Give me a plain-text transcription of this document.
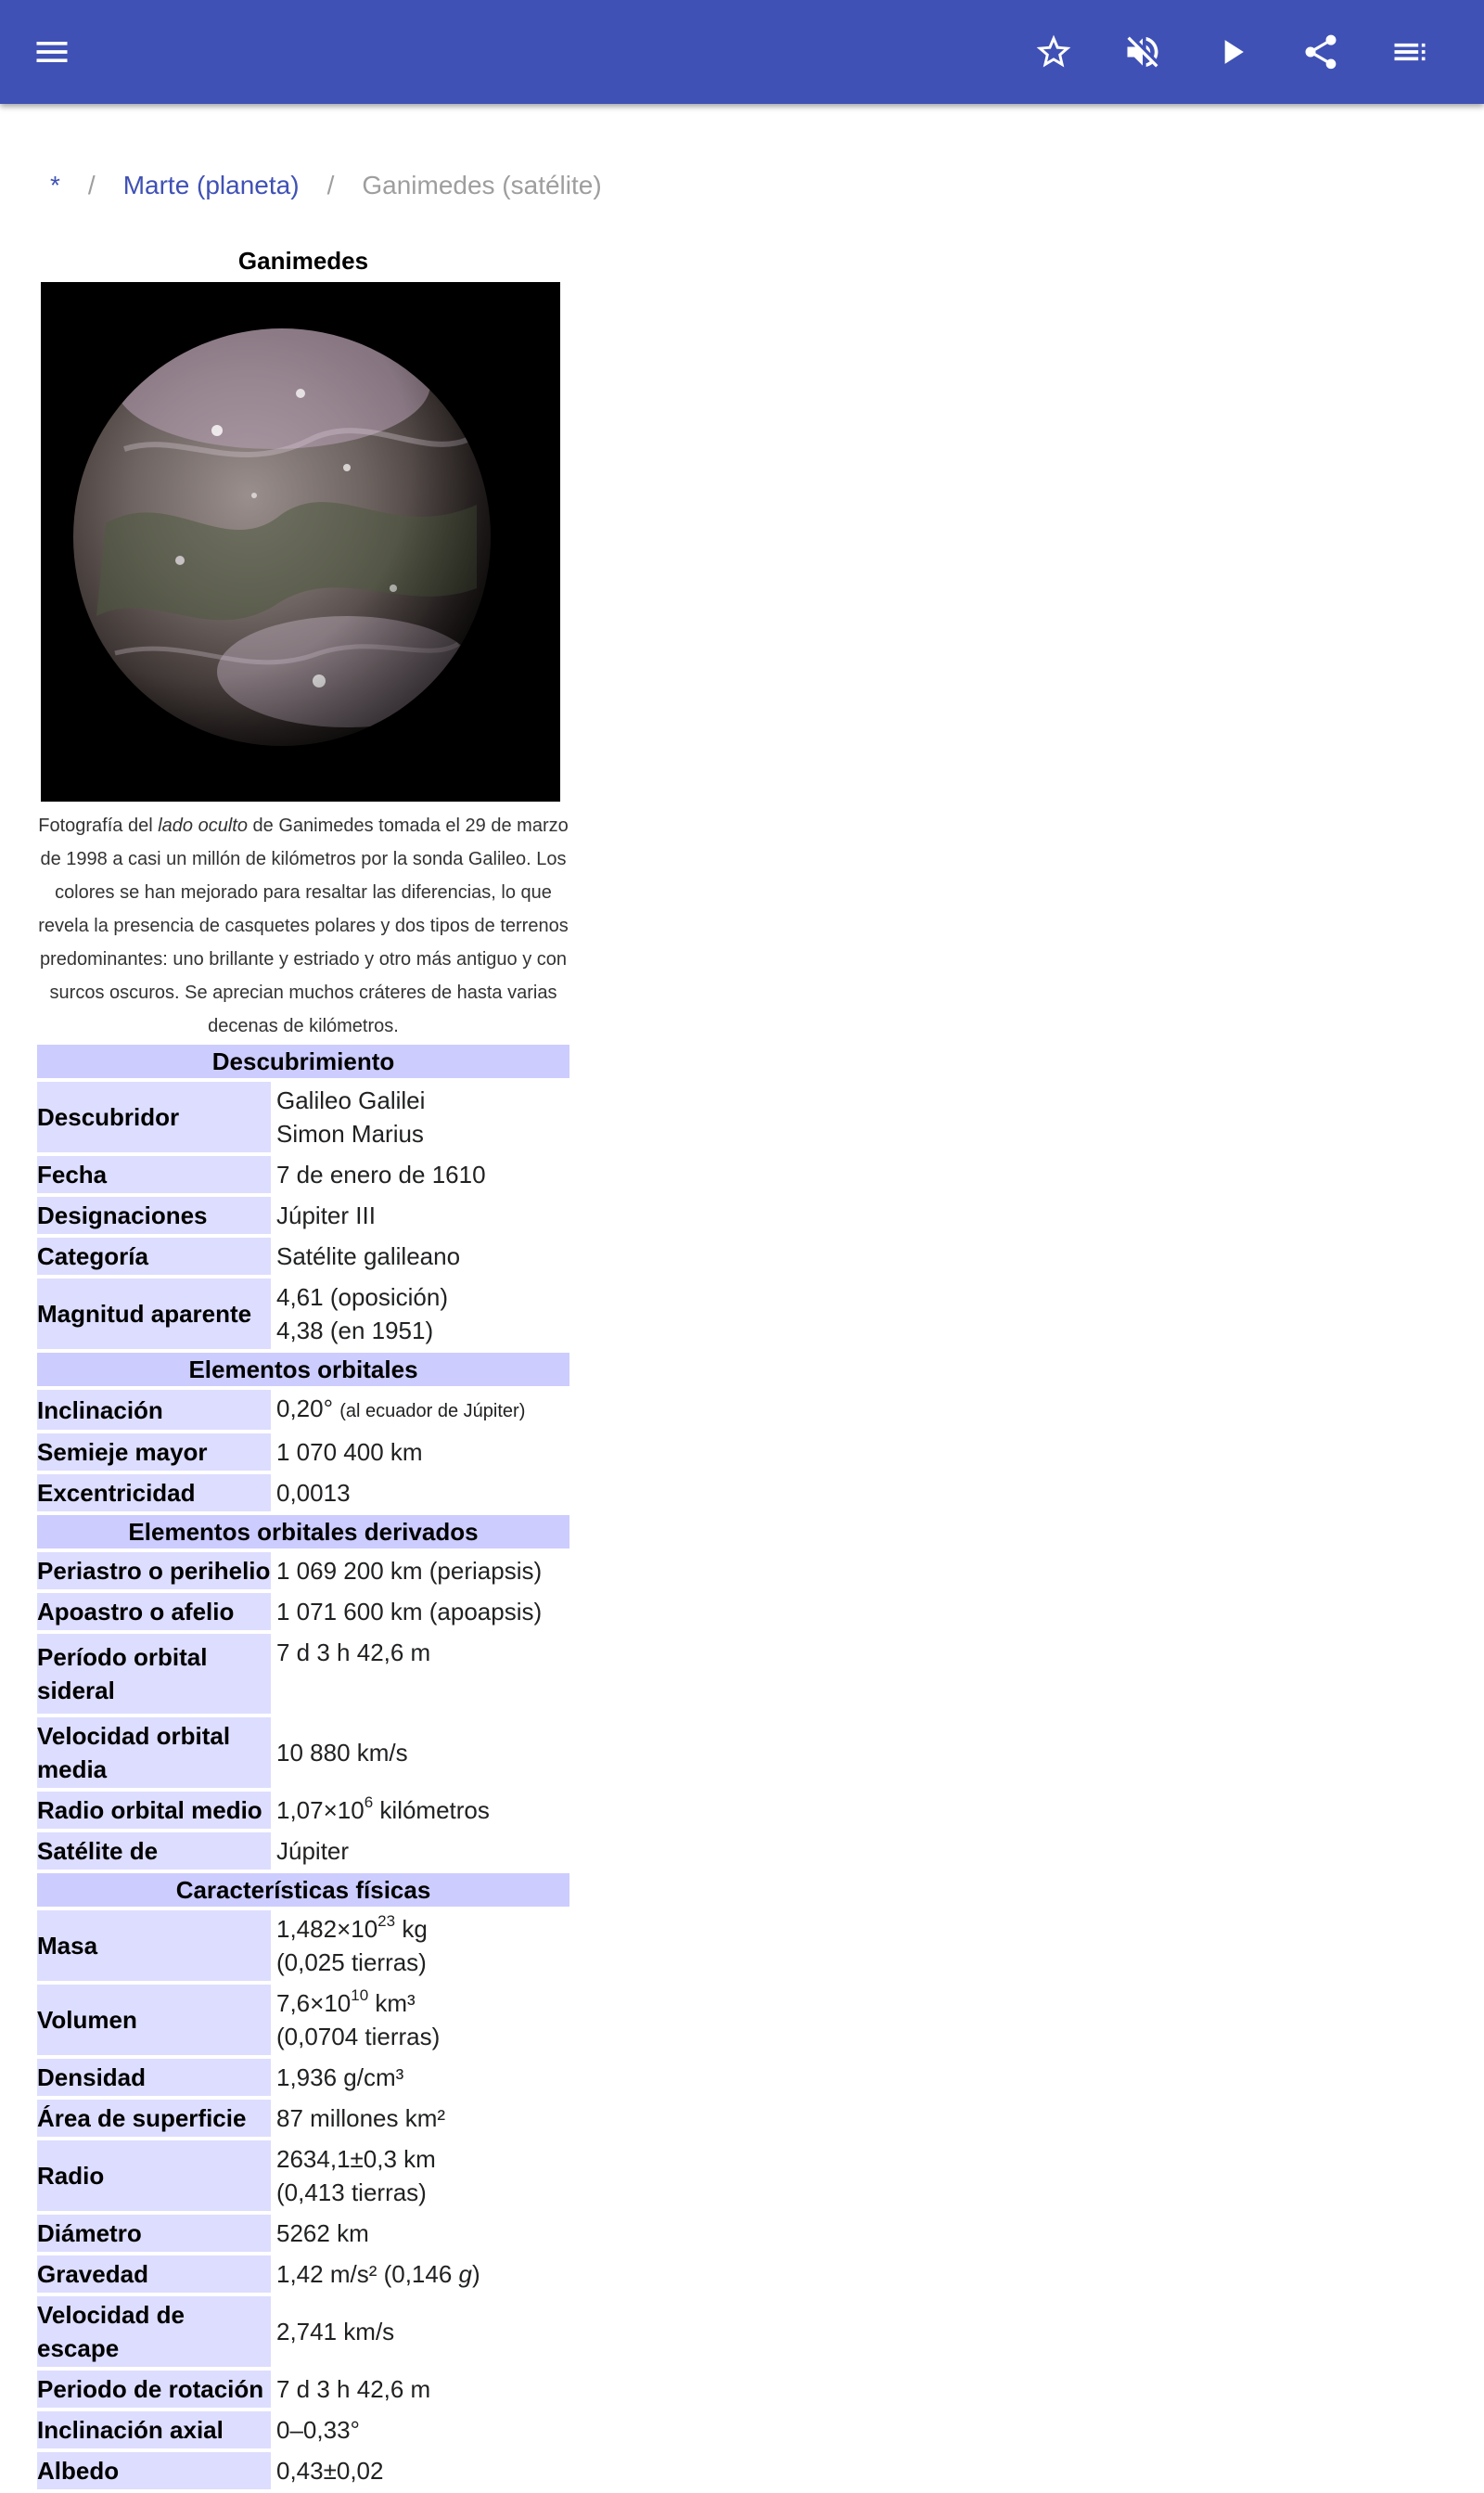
* / Marte (planeta) / Ganimedes (satélite)
Ganimedes
Fotografía del lado oculto de Ganimedes tomada el 29 de marzo de 1998 a casi un millón de kilómetros por la sonda Galileo. Los colores se han mejorado para resaltar las diferencias, lo que revela la presencia de casquetes polares y dos tipos de terrenos predominantes: uno brillante y estriado y otro más antiguo y con surcos oscuros. Se aprecian muchos cráteres de hasta varias decenas de kilómetros.
Descubrimiento	
Descubridor	Galileo Galilei
Simon Marius
Fecha	7 de enero de 1610
Designaciones	Júpiter III
Categoría	Satélite galileano
Magnitud aparente	4,61 (oposición)
4,38 (en 1951)
Elementos orbitales	
Inclinación	0,20° (al ecuador de Júpiter)
Semieje mayor	1 070 400 km
Excentricidad	0,0013
Elementos orbitales derivados	
Periastro o perihelio	1 069 200 km (periapsis)
Apoastro o afelio	1 071 600 km (apoapsis)
Período orbital sideral	7 d 3 h 42,6 m
Velocidad orbital media	10 880 km/s
Radio orbital medio	$1,07\times 10^6$ kilómetros
Satélite de	Júpiter
Características físicas	
Masa	$1,482\times 10^{23}$ kg
(0,025 tierras)
Volumen	$7,6\times 10^{10}$ km³
(0,0704 tierras)
Densidad	1,936 g/cm³
Área de superficie	87 millones km²
Radio	2634,1±0,3 km
(0,413 tierras)
Diámetro	5262 km
Gravedad	1,42 m/s² (0,146 g)
Velocidad de escape	2,741 km/s
Periodo de rotación	7 d 3 h 42,6 m
Inclinación axial	0–0,33°
Albedo	0,43±0,02
